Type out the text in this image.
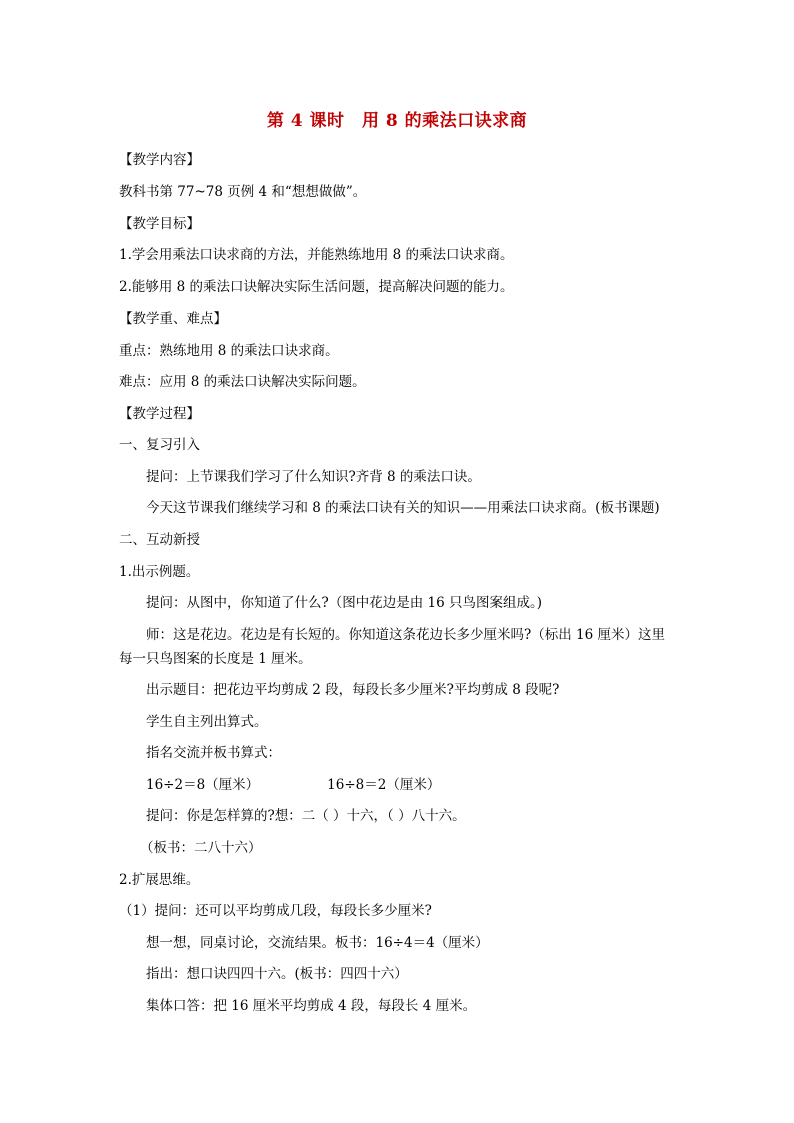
第 4 课时　用 8 的乘法口诀求商
【教学内容】
教科书第 77~78 页例 4 和“想想做做”。
【教学目标】
1.学会用乘法口诀求商的方法，并能熟练地用 8 的乘法口诀求商。
2.能够用 8 的乘法口诀解决实际生活问题，提高解决问题的能力。
【教学重、难点】
重点：熟练地用 8 的乘法口诀求商。
难点：应用 8 的乘法口诀解决实际问题。
【教学过程】
一、复习引入
提问：上节课我们学习了什么知识?齐背 8 的乘法口诀。
今天这节课我们继续学习和 8 的乘法口诀有关的知识——用乘法口诀求商。(板书课题)
二、互动新授
1.出示例题。
提问：从图中，你知道了什么?（图中花边是由 16 只鸟图案组成。)
师：这是花边。花边是有长短的。你知道这条花边长多少厘米吗?（标出 16 厘米）这里
每一只鸟图案的长度是 1 厘米。
出示题目：把花边平均剪成 2 段，每段长多少厘米?平均剪成 8 段呢?
学生自主列出算式。
指名交流并板书算式：
16÷2＝8（厘米）	16÷8＝2（厘米）
提问：你是怎样算的?想：二（ ）十六，（ ）八十六。
（板书：二八十六）
2.扩展思维。
（1）提问：还可以平均剪成几段，每段长多少厘米?
想一想，同桌讨论，交流结果。板书：16÷4＝4（厘米）
指出：想口诀四四十六。(板书：四四十六）
集体口答：把 16 厘米平均剪成 4 段，每段长 4 厘米。
